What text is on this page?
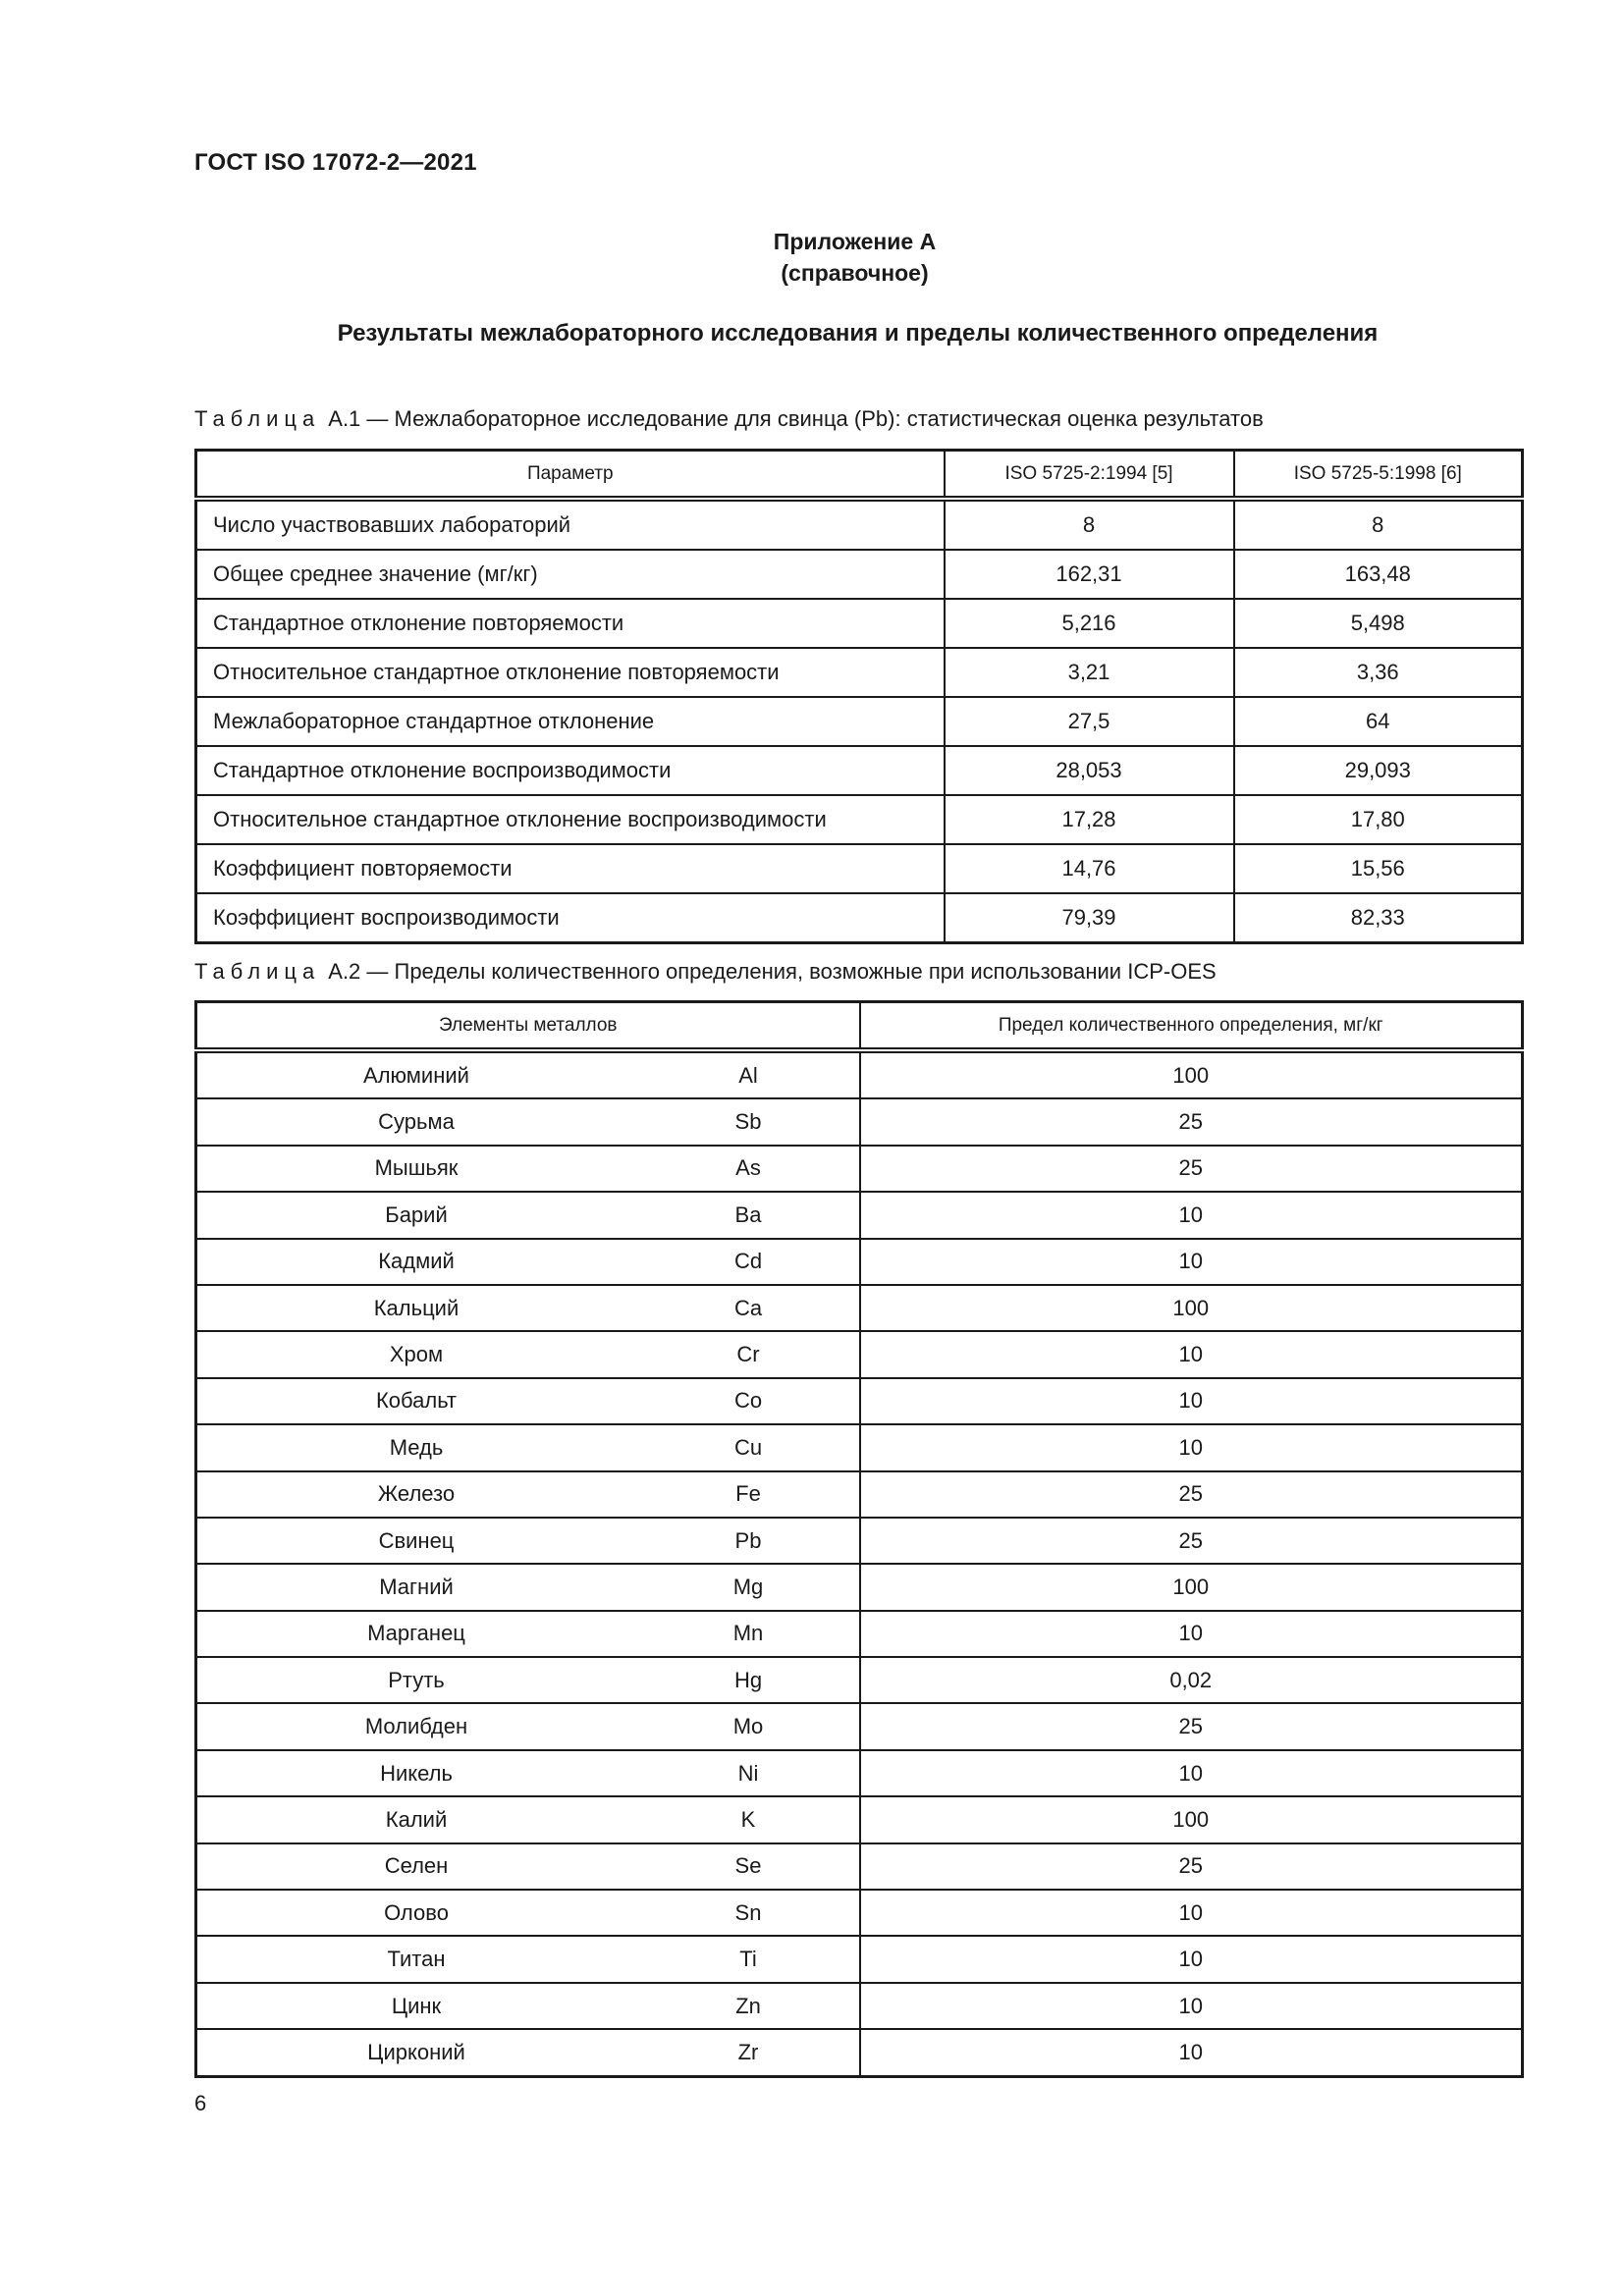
ГОСТ ISO 17072-2—2021
Приложение А
(справочное)
Результаты межлабораторного исследования и пределы количественного определения
Таблица А.1 — Межлабораторное исследование для свинца (Pb): статистическая оценка результатов
Параметр	ISO 5725-2:1994 [5]	ISO 5725-5:1998 [6]
Число участвовавших лабораторий	8	8
Общее среднее значение (мг/кг)	162,31	163,48
Стандартное отклонение повторяемости	5,216	5,498
Относительное стандартное отклонение повторяемости	3,21	3,36
Межлабораторное стандартное отклонение	27,5	64
Стандартное отклонение воспроизводимости	28,053	29,093
Относительное стандартное отклонение воспроизводимости	17,28	17,80
Коэффициент повторяемости	14,76	15,56
Коэффициент воспроизводимости	79,39	82,33
Таблица А.2 — Пределы количественного определения, возможные при использовании ICP-OES
Элементы металлов	Предел количественного определения, мг/кг

Алюминий Al	100

Сурьма Sb	25

Мышьяк As	25

Барий Ba	10

Кадмий Cd	10

Кальций Ca	100

Хром Cr	10

Кобальт Co	10

Медь Cu	10

Железо Fe	25

Свинец Pb	25

Магний Mg	100

Марганец Mn	10

Ртуть Hg	0,02

Молибден Mo	25

Никель Ni	10

Калий K	100

Селен Se	25

Олово Sn	10

Титан Ti	10

Цинк Zn	10

Цирконий Zr	10
6
